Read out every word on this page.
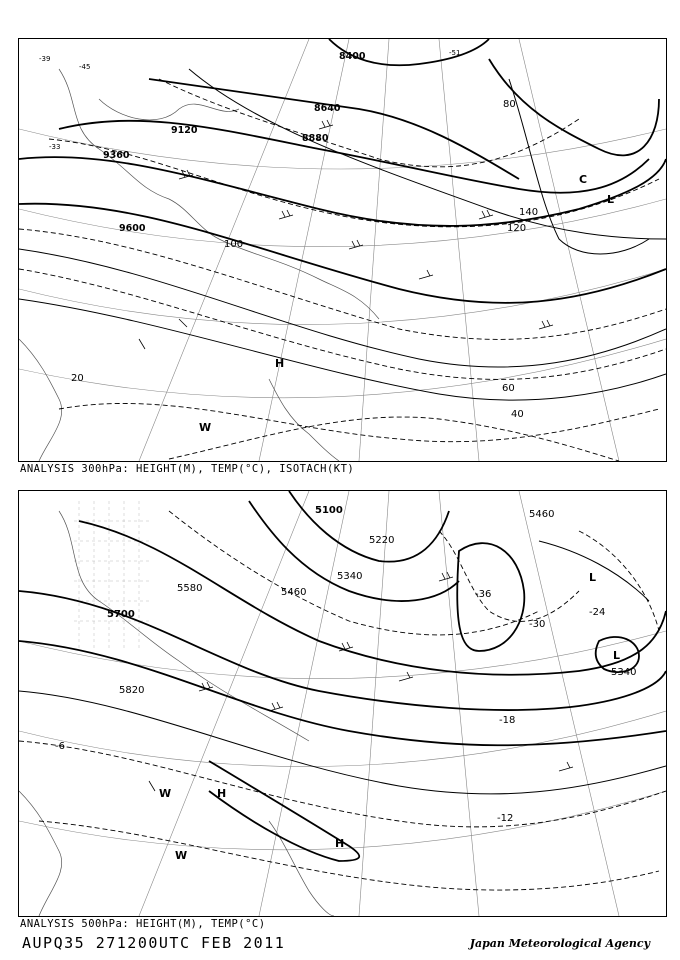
8400
8640
8880
9120
9360
9600
20
40
60
80
100
120
140
H
L
C
W
-51
-45
-39
-33
ANALYSIS 300hPa: HEIGHT(M), TEMP(°C), ISOTACH(KT)
5100
5220
5340
5460
5580
5700
5820
5460
5340
-36
-30
-24
-18
-12
-6
H
H
L
L
W
W
ANALYSIS 500hPa: HEIGHT(M), TEMP(°C)
AUPQ35 271200UTC FEB 2011	Japan Meteorological Agency
